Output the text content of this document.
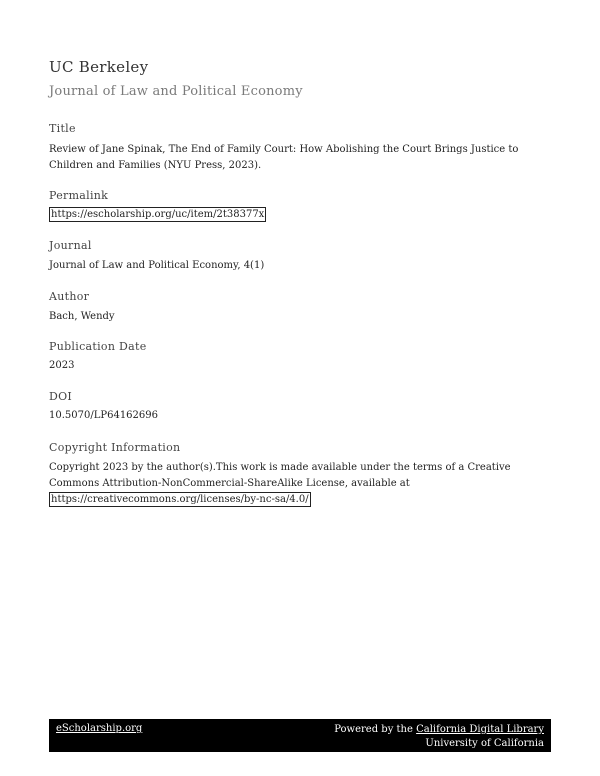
UC Berkeley
Journal of Law and Political Economy
Title
Review of Jane Spinak, The End of Family Court: How Abolishing the Court Brings Justice to Children and Families (NYU Press, 2023).
Permalink
https://escholarship.org/uc/item/2t38377x
Journal
Journal of Law and Political Economy, 4(1)
Author
Bach, Wendy
Publication Date
2023
DOI
10.5070/LP64162696
Copyright Information
Copyright 2023 by the author(s).This work is made available under the terms of a Creative Commons Attribution-NonCommercial-ShareAlike License, available at
https://creativecommons.org/licenses/by-nc-sa/4.0/
eScholarship.org	Powered by the California Digital Library
University of California
